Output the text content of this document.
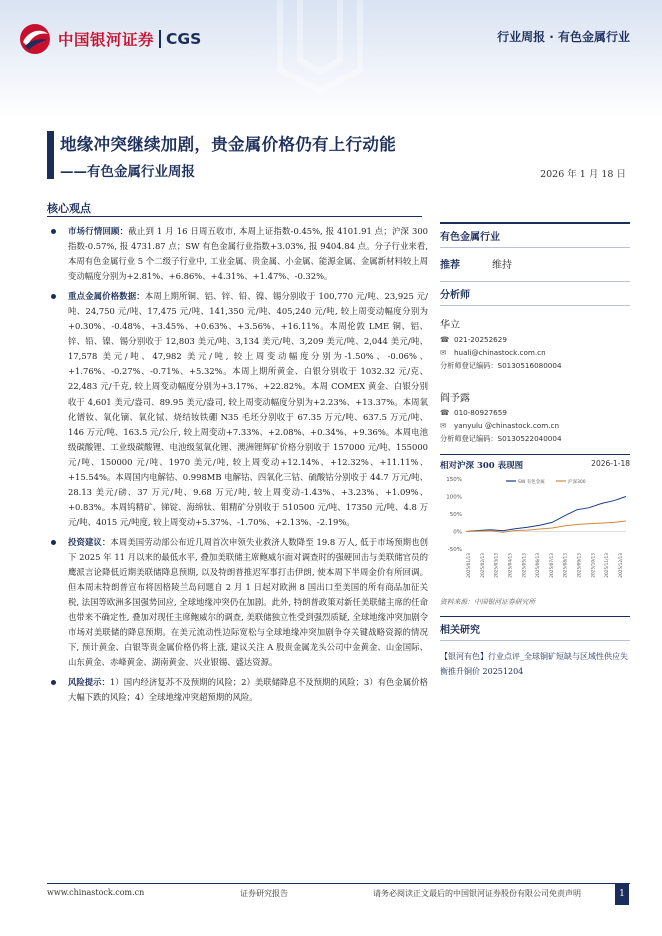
中国银河证券 CGS	行业周报 · 有色金属行业
地缘冲突继续加剧，贵金属价格仍有上行动能
——有色金属行业周报	2026 年 1 月 18 日
核心观点
市场行情回顾：截止到 1 月 16 日周五收市, 本周上证指数-0.45%, 报 4101.91 点；沪深 300 指数-0.57%, 报 4731.87 点；SW 有色金属行业指数+3.03%, 报 9404.84 点。分子行业来看, 本周有色金属行业 5 个二级子行业中, 工业金属、贵金属、小金属、能源金属、金属新材料较上周变动幅度分别为+2.81%、+6.86%、+4.31%、+1.47%、-0.32%。
重点金属价格数据：本周上期所铜、铝、锌、铅、镍、锡分别收于 100,770 元/吨、23,925 元/吨、24,750 元/吨、17,475 元/吨、141,350 元/吨、405,240 元/吨, 较上周变动幅度分别为+0.30%、-0.48%、+3.45%、+0.63%、+3.56%、+16.11%。本周伦敦 LME 铜、铝、锌、铅、镍、锡分别收于 12,803 美元/吨、3,134 美元/吨、3,209 美元/吨、2,044 美元/吨、17,578 美元/吨、47,982 美元/吨, 较上周变动幅度分别为-1.50%、-0.06%、+1.76%、-0.27%、-0.71%、+5.32%。本周上期所黄金、白银分别收于 1032.32 元/克、22,483 元/千克, 较上周变动幅度分别为+3.17%、+22.82%。本周 COMEX 黄金、白银分别收于 4,601 美元/盎司、89.95 美元/盎司, 较上周变动幅度分别为+2.23%、+13.37%。本周氧化镨钕、氧化镝、氧化铽、烧结钕铁硼 N35 毛坯分别收于 67.35 万元/吨、637.5 万元/吨、146 万元/吨、163.5 元/公斤, 较上周变动+7.33%、+2.08%、+0.34%、+9.36%。本周电池级碳酸锂、工业级碳酸锂、电池级氢氧化锂、澳洲锂辉矿价格分别收于 157000 元/吨、155000 元/吨、150000 元/吨、1970 美元/吨, 较上周变动+12.14%、+12.32%、+11.11%、+15.54%。本周国内电解钴、0.998MB 电解钴、四氧化三钴、硫酸钴分别收于 44.7 万元/吨、28.13 美元/磅、37 万元/吨、9.68 万元/吨, 较上周变动-1.43%、+3.23%、+1.09%、+0.83%。本周钨精矿、锑锭、海绵钛、钼精矿分别收于 510500 元/吨、17350 元/吨、4.8 万元/吨、4015 元/吨度, 较上周变动+5.37%、-1.70%、+2.13%、-2.19%。
投资建议：本周美国劳动部公布近几周首次申领失业救济人数降至 19.8 万人, 低于市场预期也创下 2025 年 11 月以来的最低水平, 叠加美联储主席鲍威尔面对调查时的强硬回击与美联储官员的鹰派言论降低近期美联储降息预期, 以及特朗普推迟军事打击伊朗, 使本周下半周金价有所回调。但本周末特朗普宣布将因格陵兰岛问题自 2 月 1 日起对欧洲 8 国出口至美国的所有商品加征关税, 法国等欧洲多国强势回应, 全球地缘冲突仍在加剧。此外, 特朗普政策对新任美联储主席的任命也带来不确定性, 叠加对现任主席鲍威尔的调查, 美联储独立性受到强烈质疑, 全球地缘冲突加剧令市场对美联储的降息预期。在美元流动性边际宽松与全球地缘冲突加剧争夺关键战略资源的情况下, 预计黄金、白银等贵金属价格仍将上涨, 建议关注 A 股贵金属龙头公司中金黄金、山金国际、山东黄金、赤峰黄金、湖南黄金、兴业银锡、盛达资源。
风险提示：1）国内经济复苏不及预期的风险；2）美联储降息不及预期的风险；3）有色金属价格大幅下跌的风险；4）全球地缘冲突超预期的风险。
有色金属行业
推荐	维持
分析师
华立
☎ 021-20252629
✉	huali@chinastock.com.cn
分析师登记编码：S0130516080004
阎予露
☎ 010-80927659
✉	yanyulu @chinastock.com.cn
分析师登记编码：S0130522040004
相对沪深 300 表现图	2026-1-18
150%
100%
50%
0%
-50%
SW 有色金属	沪深300
2025/01/13 2025/02/13 2025/03/13 2025/04/13 2025/05/13 2025/06/13 2025/07/13 2025/08/13 2025/09/13 2025/10/13 2025/11/13 2025/12/13
资料来源：中国银河证券研究所
相关研究
【银河有色】行业点评_全球铜矿短缺与区域性供应失衡推升铜价 20251204
www.chinastock.com.cn	证券研究报告	请务必阅读正文最后的中国银河证券股份有限公司免责声明	1
